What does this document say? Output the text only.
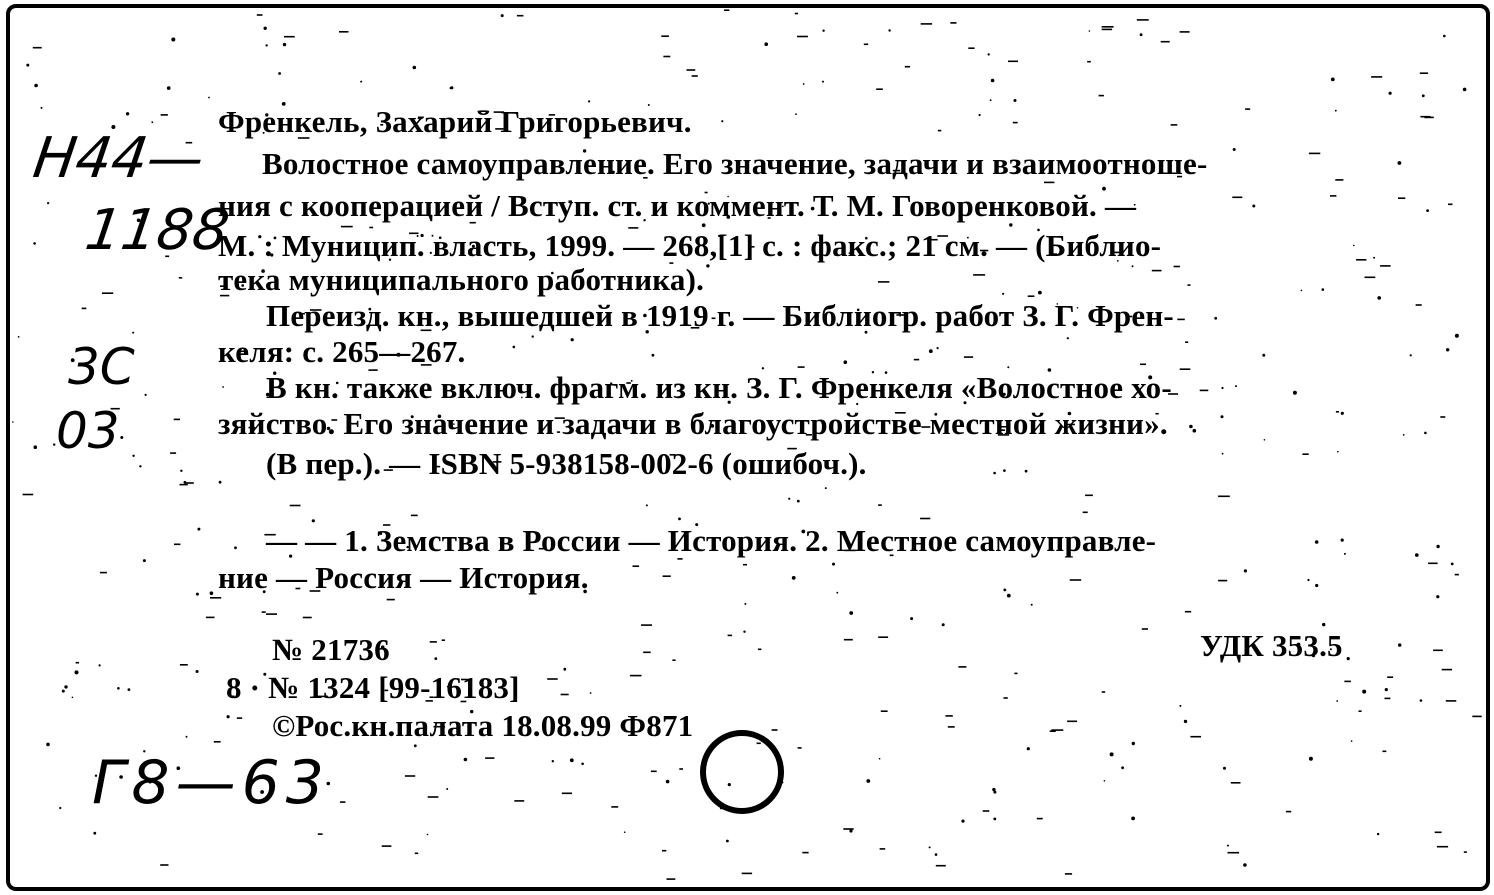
Н44—
1188
3С
03
Г8—63
Френкель, Захарий Григорьевич.
Волостное самоуправление. Его значение, задачи и взаимоотноше-
ния с кооперацией / Вступ. ст. и коммент. Т. М. Говоренковой. —
М. : Муницип. власть, 1999. — 268,[1] с. : факс.; 21 см. — (Библио-
тека муниципального работника).
Переизд. кн., вышедшей в 1919 г. — Библиогр. работ З. Г. Френ-
келя: с. 265—267.
В кн. также включ. фрагм. из кн. З. Г. Френкеля «Волостное хо-
зяйство. Его значение и задачи в благоустройстве местной жизни».
(В пер.). — ISBN 5-938158-002-6 (ошибоч.).
— — 1. Земства в России — История. 2. Местное самоуправле-
ние — Россия — История.
№ 21736	УДК 353.5
8 · № 1324 [99-16183]
©Рос.кн.палата 18.08.99 Ф871
